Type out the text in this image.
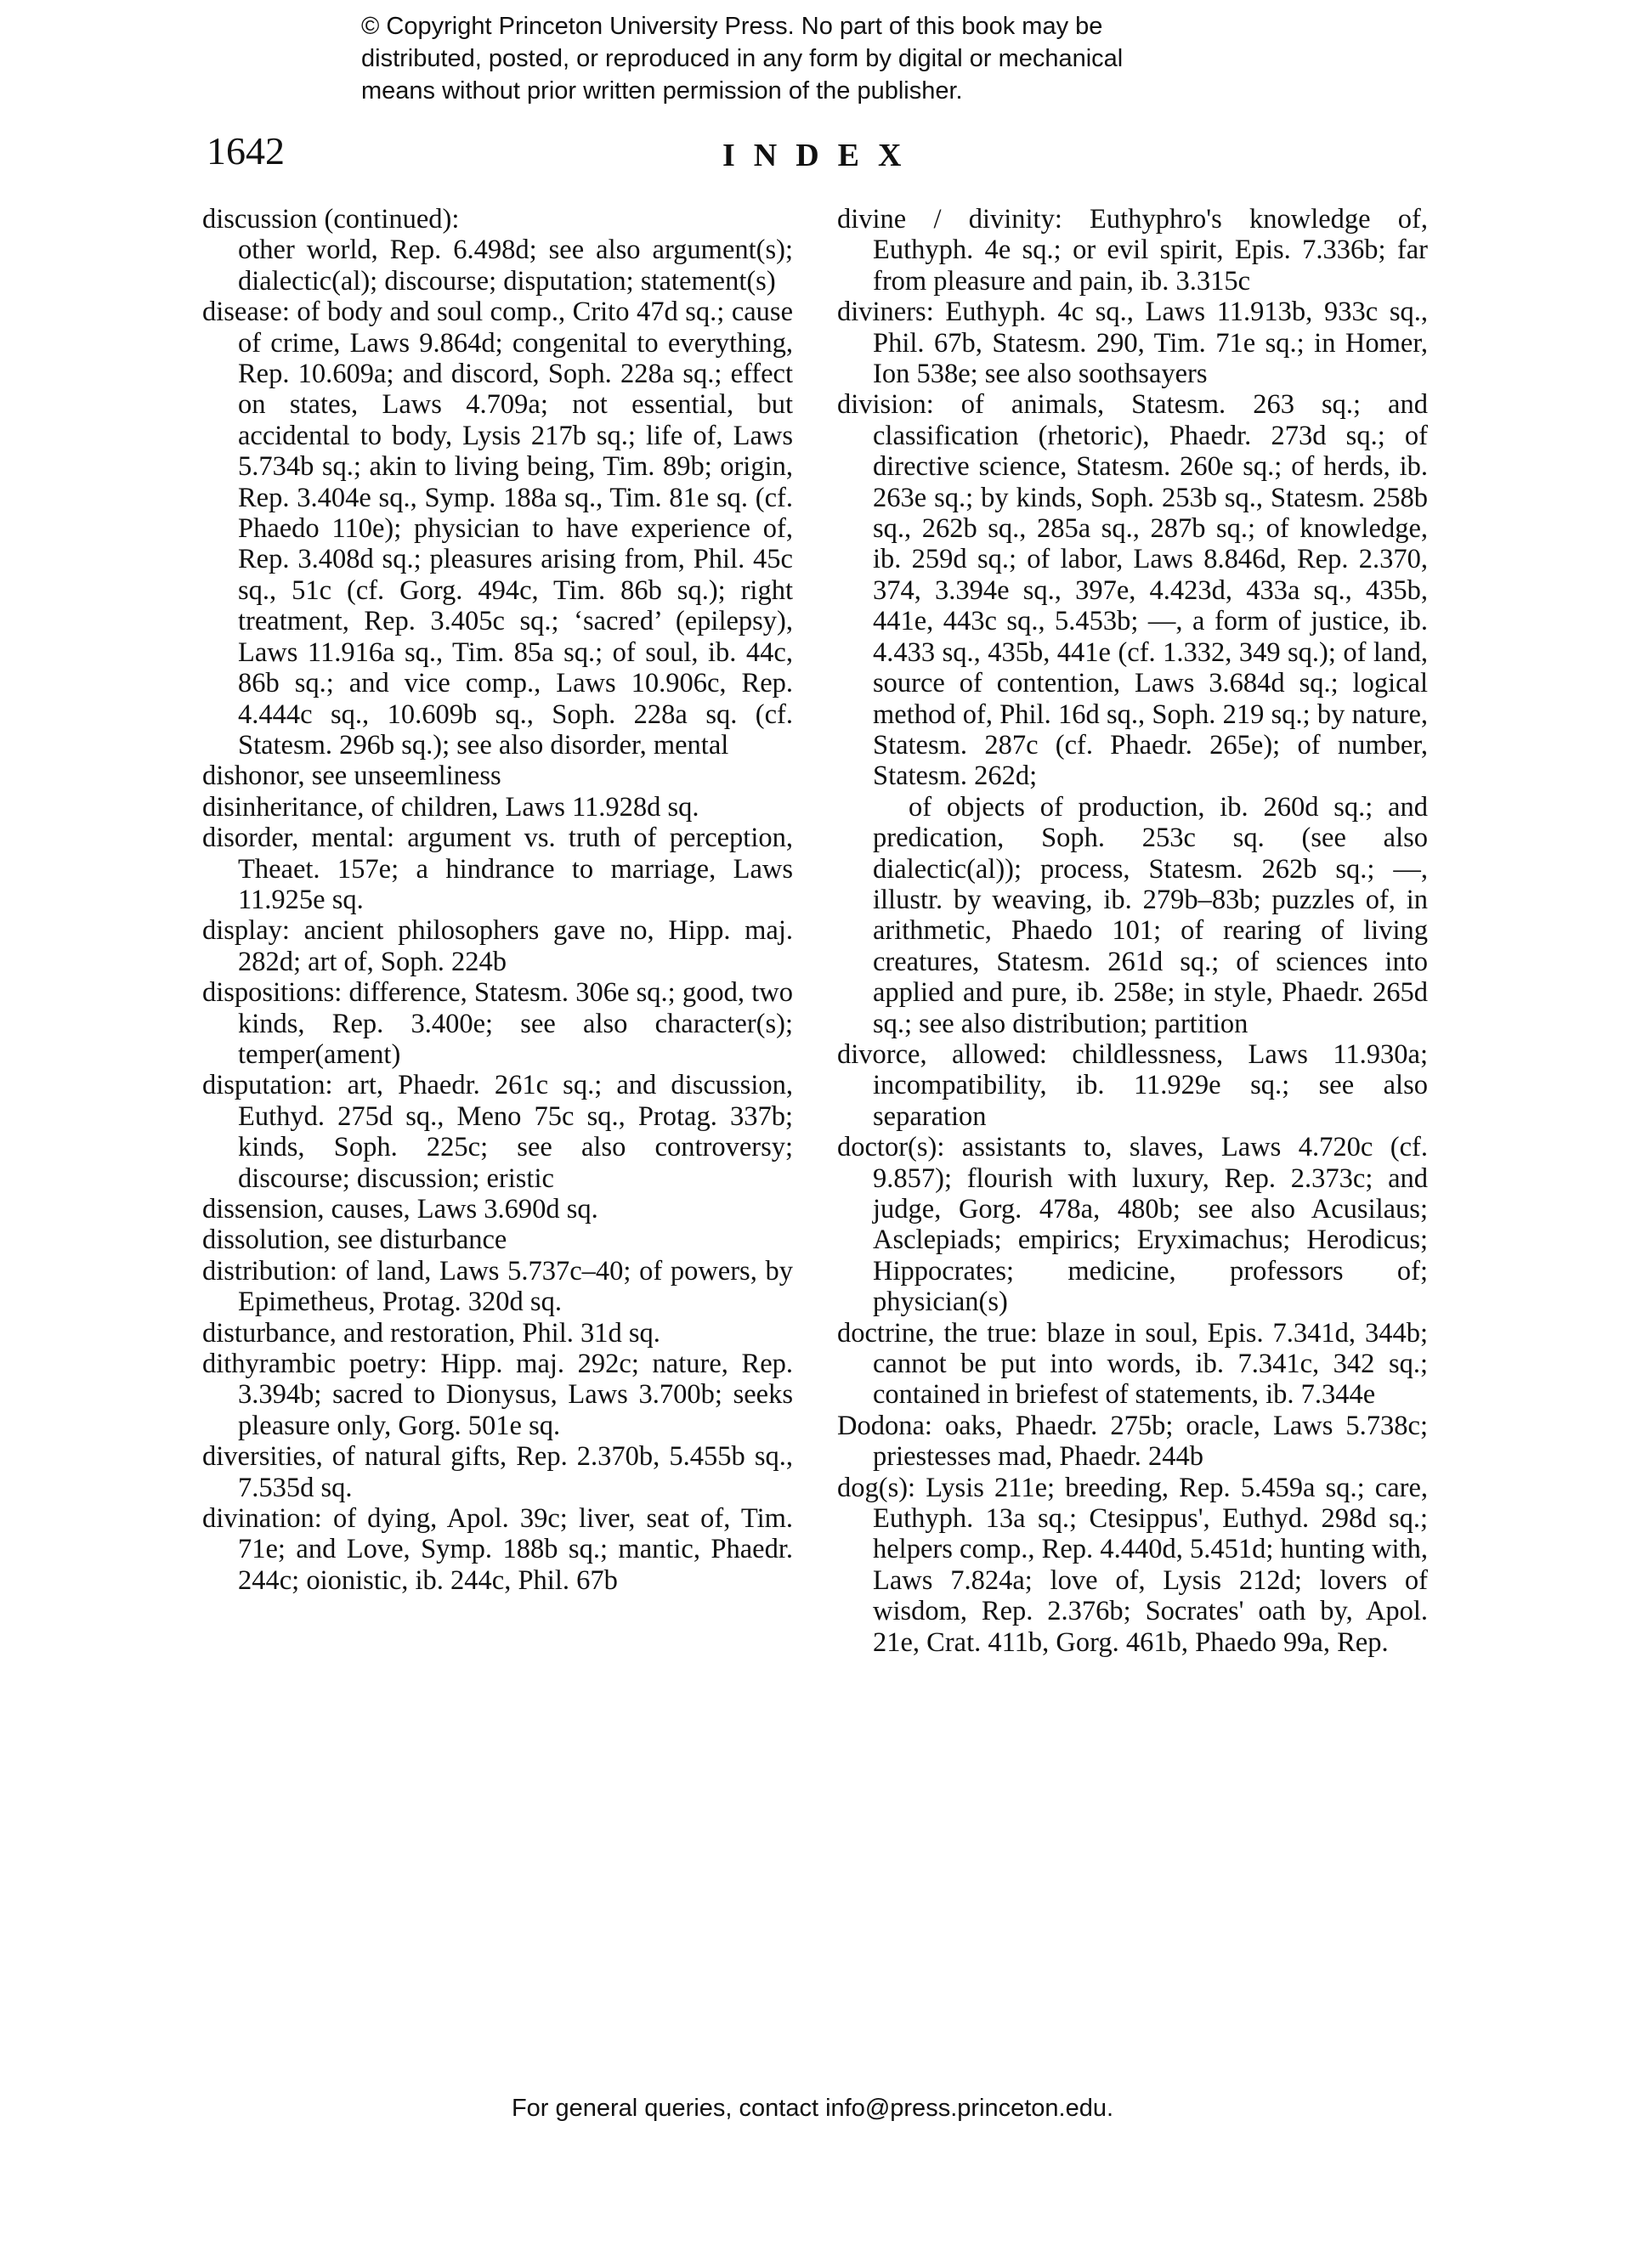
© Copyright Princeton University Press. No part of this book may be
distributed, posted, or reproduced in any form by digital or mechanical
means without prior written permission of the publisher.
1642	INDEX

discussion (continued):

other world, Rep. 6.498d; see also argument(s); dialectic(al); discourse; disputation; statement(s)

disease: of body and soul comp., Crito 47d sq.; cause of crime, Laws 9.864d; congenital to everything, Rep. 10.609a; and discord, Soph. 228a sq.; effect on states, Laws 4.709a; not essential, but accidental to body, Lysis 217b sq.; life of, Laws 5.734b sq.; akin to living being, Tim. 89b; origin, Rep. 3.404e sq., Symp. 188a sq., Tim. 81e sq. (cf. Phaedo 110e); physician to have experience of, Rep. 3.408d sq.; pleasures arising from, Phil. 45c sq., 51c (cf. Gorg. 494c, Tim. 86b sq.); right treatment, Rep. 3.405c sq.; ‘sacred’ (epilepsy), Laws 11.916a sq., Tim. 85a sq.; of soul, ib. 44c, 86b sq.; and vice comp., Laws 10.906c, Rep. 4.444c sq., 10.609b sq., Soph. 228a sq. (cf. Statesm. 296b sq.); see also disorder, mental

dishonor, see unseemliness

disinheritance, of children, Laws 11.928d sq.

disorder, mental: argument vs. truth of perception, Theaet. 157e; a hindrance to marriage, Laws 11.925e sq.

display: ancient philosophers gave no, Hipp. maj. 282d; art of, Soph. 224b

dispositions: difference, Statesm. 306e sq.; good, two kinds, Rep. 3.400e; see also character(s); temper(ament)

disputation: art, Phaedr. 261c sq.; and discussion, Euthyd. 275d sq., Meno 75c sq., Protag. 337b; kinds, Soph. 225c; see also controversy; discourse; discussion; eristic

dissension, causes, Laws 3.690d sq.

dissolution, see disturbance

distribution: of land, Laws 5.737c–40; of powers, by Epimetheus, Protag. 320d sq.

disturbance, and restoration, Phil. 31d sq.

dithyrambic poetry: Hipp. maj. 292c; nature, Rep. 3.394b; sacred to Dionysus, Laws 3.700b; seeks pleasure only, Gorg. 501e sq.

diversities, of natural gifts, Rep. 2.370b, 5.455b sq., 7.535d sq.

divination: of dying, Apol. 39c; liver, seat of, Tim. 71e; and Love, Symp. 188b sq.; mantic, Phaedr. 244c; oionistic, ib. 244c, Phil. 67b

divine / divinity: Euthyphro's knowledge of, Euthyph. 4e sq.; or evil spirit, Epis. 7.336b; far from pleasure and pain, ib. 3.315c

diviners: Euthyph. 4c sq., Laws 11.913b, 933c sq., Phil. 67b, Statesm. 290, Tim. 71e sq.; in Homer, Ion 538e; see also soothsayers

division: of animals, Statesm. 263 sq.; and classification (rhetoric), Phaedr. 273d sq.; of directive science, Statesm. 260e sq.; of herds, ib. 263e sq.; by kinds, Soph. 253b sq., Statesm. 258b sq., 262b sq., 285a sq., 287b sq.; of knowledge, ib. 259d sq.; of labor, Laws 8.846d, Rep. 2.370, 374, 3.394e sq., 397e, 4.423d, 433a sq., 435b, 441e, 443c sq., 5.453b; —, a form of justice, ib. 4.433 sq., 435b, 441e (cf. 1.332, 349 sq.); of land, source of contention, Laws 3.684d sq.; logical method of, Phil. 16d sq., Soph. 219 sq.; by nature, Statesm. 287c (cf. Phaedr. 265e); of number, Statesm. 262d;

of objects of production, ib. 260d sq.; and predication, Soph. 253c sq. (see also dialectic(al)); process, Statesm. 262b sq.; —, illustr. by weaving, ib. 279b–83b; puzzles of, in arithmetic, Phaedo 101; of rearing of living creatures, Statesm. 261d sq.; of sciences into applied and pure, ib. 258e; in style, Phaedr. 265d sq.; see also distribution; partition

divorce, allowed: childlessness, Laws 11.930a; incompatibility, ib. 11.929e sq.; see also separation

doctor(s): assistants to, slaves, Laws 4.720c (cf. 9.857); flourish with luxury, Rep. 2.373c; and judge, Gorg. 478a, 480b; see also Acusilaus; Asclepiads; empirics; Eryximachus; Herodicus; Hippocrates; medicine, professors of; physician(s)

doctrine, the true: blaze in soul, Epis. 7.341d, 344b; cannot be put into words, ib. 7.341c, 342 sq.; contained in briefest of statements, ib. 7.344e

Dodona: oaks, Phaedr. 275b; oracle, Laws 5.738c; priestesses mad, Phaedr. 244b

dog(s): Lysis 211e; breeding, Rep. 5.459a sq.; care, Euthyph. 13a sq.; Ctesippus', Euthyd. 298d sq.; helpers comp., Rep. 4.440d, 5.451d; hunting with, Laws 7.824a; love of, Lysis 212d; lovers of wisdom, Rep. 2.376b; Socrates' oath by, Apol. 21e, Crat. 411b, Gorg. 461b, Phaedo 99a, Rep.

For general queries, contact info@press.princeton.edu.
